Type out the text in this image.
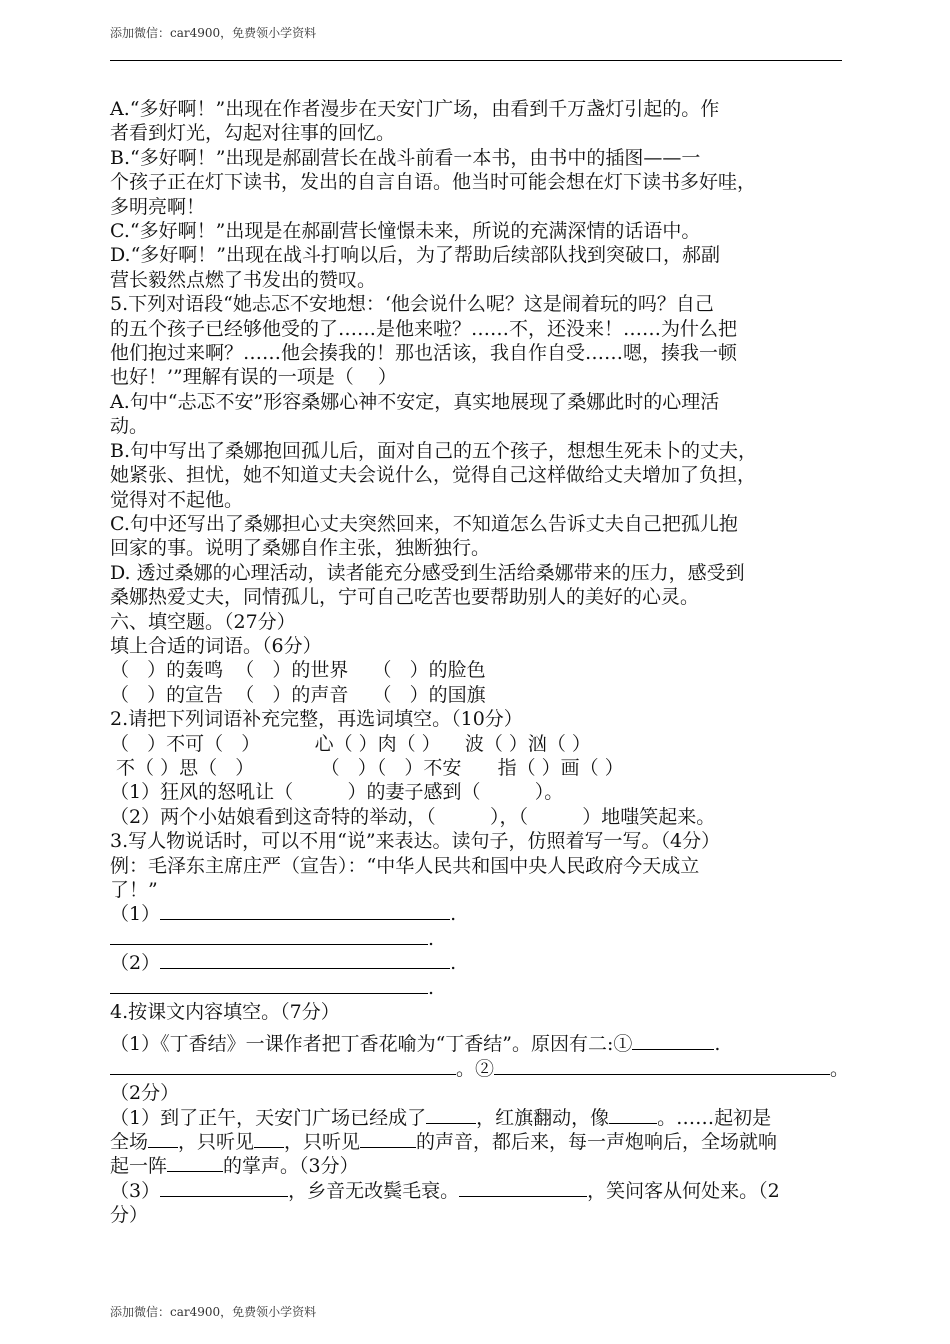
添加微信：car4900，免费领小学资料
A.“多好啊！”出现在作者漫步在天安门广场，由看到千万盏灯引起的。作
者看到灯光，勾起对往事的回忆。
B.“多好啊！”出现是郝副营长在战斗前看一本书，由书中的插图——一
个孩子正在灯下读书，发出的自言自语。他当时可能会想在灯下读书多好哇，
多明亮啊！
C.“多好啊！”出现是在郝副营长憧憬未来，所说的充满深情的话语中。
D.“多好啊！”出现在战斗打响以后，为了帮助后续部队找到突破口，郝副
营长毅然点燃了书发出的赞叹。
5.下列对语段“她忐忑不安地想：‘他会说什么呢？这是闹着玩的吗？自己
的五个孩子已经够他受的了……是他来啦？……不，还没来！……为什么把
他们抱过来啊？……他会揍我的！那也活该，我自作自受……嗯，揍我一顿
也好！’”理解有误的一项是（    ）
A.句中“忐忑不安”形容桑娜心神不安定，真实地展现了桑娜此时的心理活
动。
B.句中写出了桑娜抱回孤儿后，面对自己的五个孩子，想想生死未卜的丈夫，
她紧张、担忧，她不知道丈夫会说什么，觉得自己这样做给丈夫增加了负担，
觉得对不起他。
C.句中还写出了桑娜担心丈夫突然回来，不知道怎么告诉丈夫自己把孤儿抱
回家的事。说明了桑娜自作主张，独断独行。
D. 透过桑娜的心理活动，读者能充分感受到生活给桑娜带来的压力，感受到
桑娜热爱丈夫，同情孤儿，宁可自己吃苦也要帮助别人的美好的心灵。
六、填空题。（27分）
填上合适的词语。（6分）
（   ）的轰鸣  （   ）的世界    （   ）的脸色
（   ）的宣告  （   ）的声音    （   ）的国旗
2.请把下列词语补充完整，再选词填空。（10分）
（   ）不可（   ）         心（ ）肉（ ）    波（ ）汹（ ）
不（ ）思（   ）           （   ）（   ）不安      指（ ）画（ ）
（1）狂风的怒吼让（         ）的妻子感到（         ）。
（2）两个小姑娘看到这奇特的举动，（         ），（         ）地嗤笑起来。
3.写人物说话时，可以不用“说”来表达。读句子，仿照着写一写。（4分）
例：毛泽东主席庄严（宣告）：“中华人民共和国中央人民政府今天成立
了！”
（1）	.
.
（2）	.
.
4.按课文内容填空。（7分）
（1）《丁香结》一课作者把丁香花喻为“丁香结”。原因有二:①	.
。②	。
（2分）
（1）到了正午，天安门广场已经成了	，红旗翻动，像	。……起初是
全场 ，只听见 ，只听见	的声音，都后来，每一声炮响后，全场就响
起一阵	的掌声。（3分）
（3）	，乡音无改鬓毛衰。	，笑问客从何处来。（2
分）
添加微信：car4900，免费领小学资料
